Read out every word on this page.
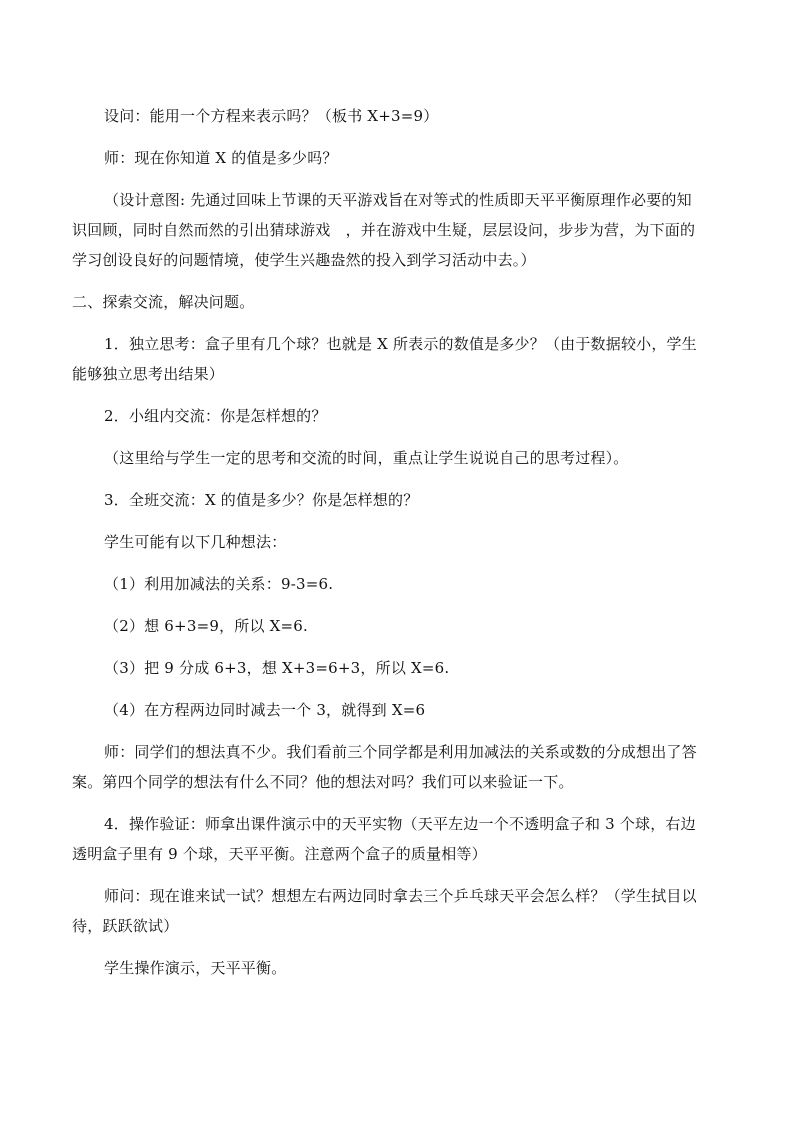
设问：能用一个方程来表示吗？（板书 X+3=9）
师：现在你知道 X 的值是多少吗？
（设计意图: 先通过回味上节课的天平游戏旨在对等式的性质即天平平衡原理作必要的知
识回顾，同时自然而然的引出猜球游戏　，并在游戏中生疑，层层设问，步步为营，为下面的
学习创设良好的问题情境，使学生兴趣盎然的投入到学习活动中去。）
二、探索交流，解决问题。
1．独立思考：盒子里有几个球？也就是 X 所表示的数值是多少？（由于数据较小，学生
能够独立思考出结果）
2．小组内交流：你是怎样想的？
（这里给与学生一定的思考和交流的时间，重点让学生说说自己的思考过程）。
3．全班交流：X 的值是多少？你是怎样想的？
学生可能有以下几种想法：
（1）利用加减法的关系：9-3=6.
（2）想 6+3=9，所以 X=6.
（3）把 9 分成 6+3，想 X+3=6+3，所以 X=6.
（4）在方程两边同时减去一个 3，就得到 X=6
师：同学们的想法真不少。我们看前三个同学都是利用加减法的关系或数的分成想出了答
案。第四个同学的想法有什么不同？他的想法对吗？我们可以来验证一下。
4．操作验证：师拿出课件演示中的天平实物（天平左边一个不透明盒子和 3 个球，右边
透明盒子里有 9 个球，天平平衡。注意两个盒子的质量相等）
师问：现在谁来试一试？想想左右两边同时拿去三个乒乓球天平会怎么样？（学生拭目以
待，跃跃欲试）
学生操作演示，天平平衡。
